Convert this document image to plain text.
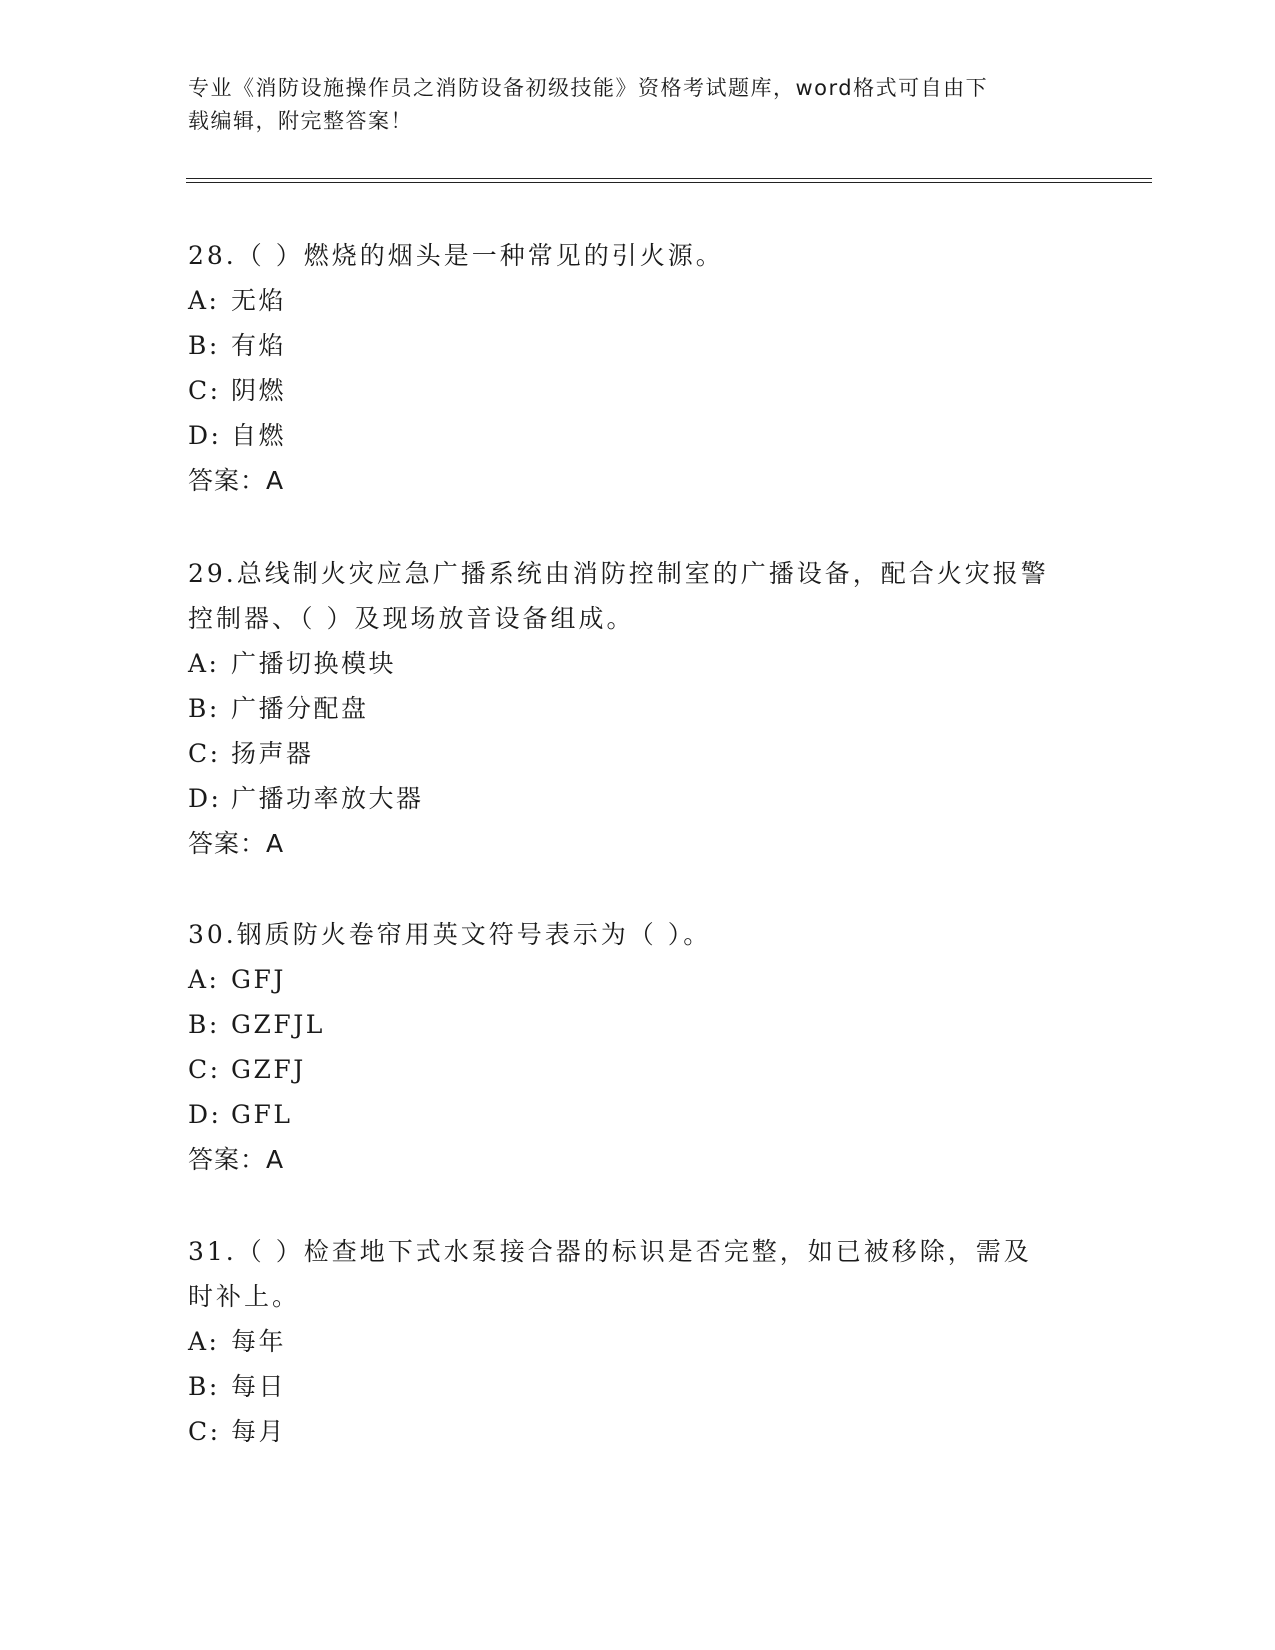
专业《消防设施操作员之消防设备初级技能》资格考试题库，word格式可自由下
载编辑，附完整答案！

28.（ ）燃烧的烟头是一种常见的引火源。

A: 无焰

B: 有焰

C: 阴燃

D: 自燃

答案：A

29.总线制火灾应急广播系统由消防控制室的广播设备，配合火灾报警

控制器、（ ）及现场放音设备组成。

A: 广播切换模块

B: 广播分配盘

C: 扬声器

D: 广播功率放大器

答案：A

30.钢质防火卷帘用英文符号表示为（ ）。

A: GFJ

B: GZFJL

C: GZFJ

D: GFL

答案：A

31.（ ）检查地下式水泵接合器的标识是否完整，如已被移除，需及

时补上。

A: 每年

B: 每日

C: 每月
